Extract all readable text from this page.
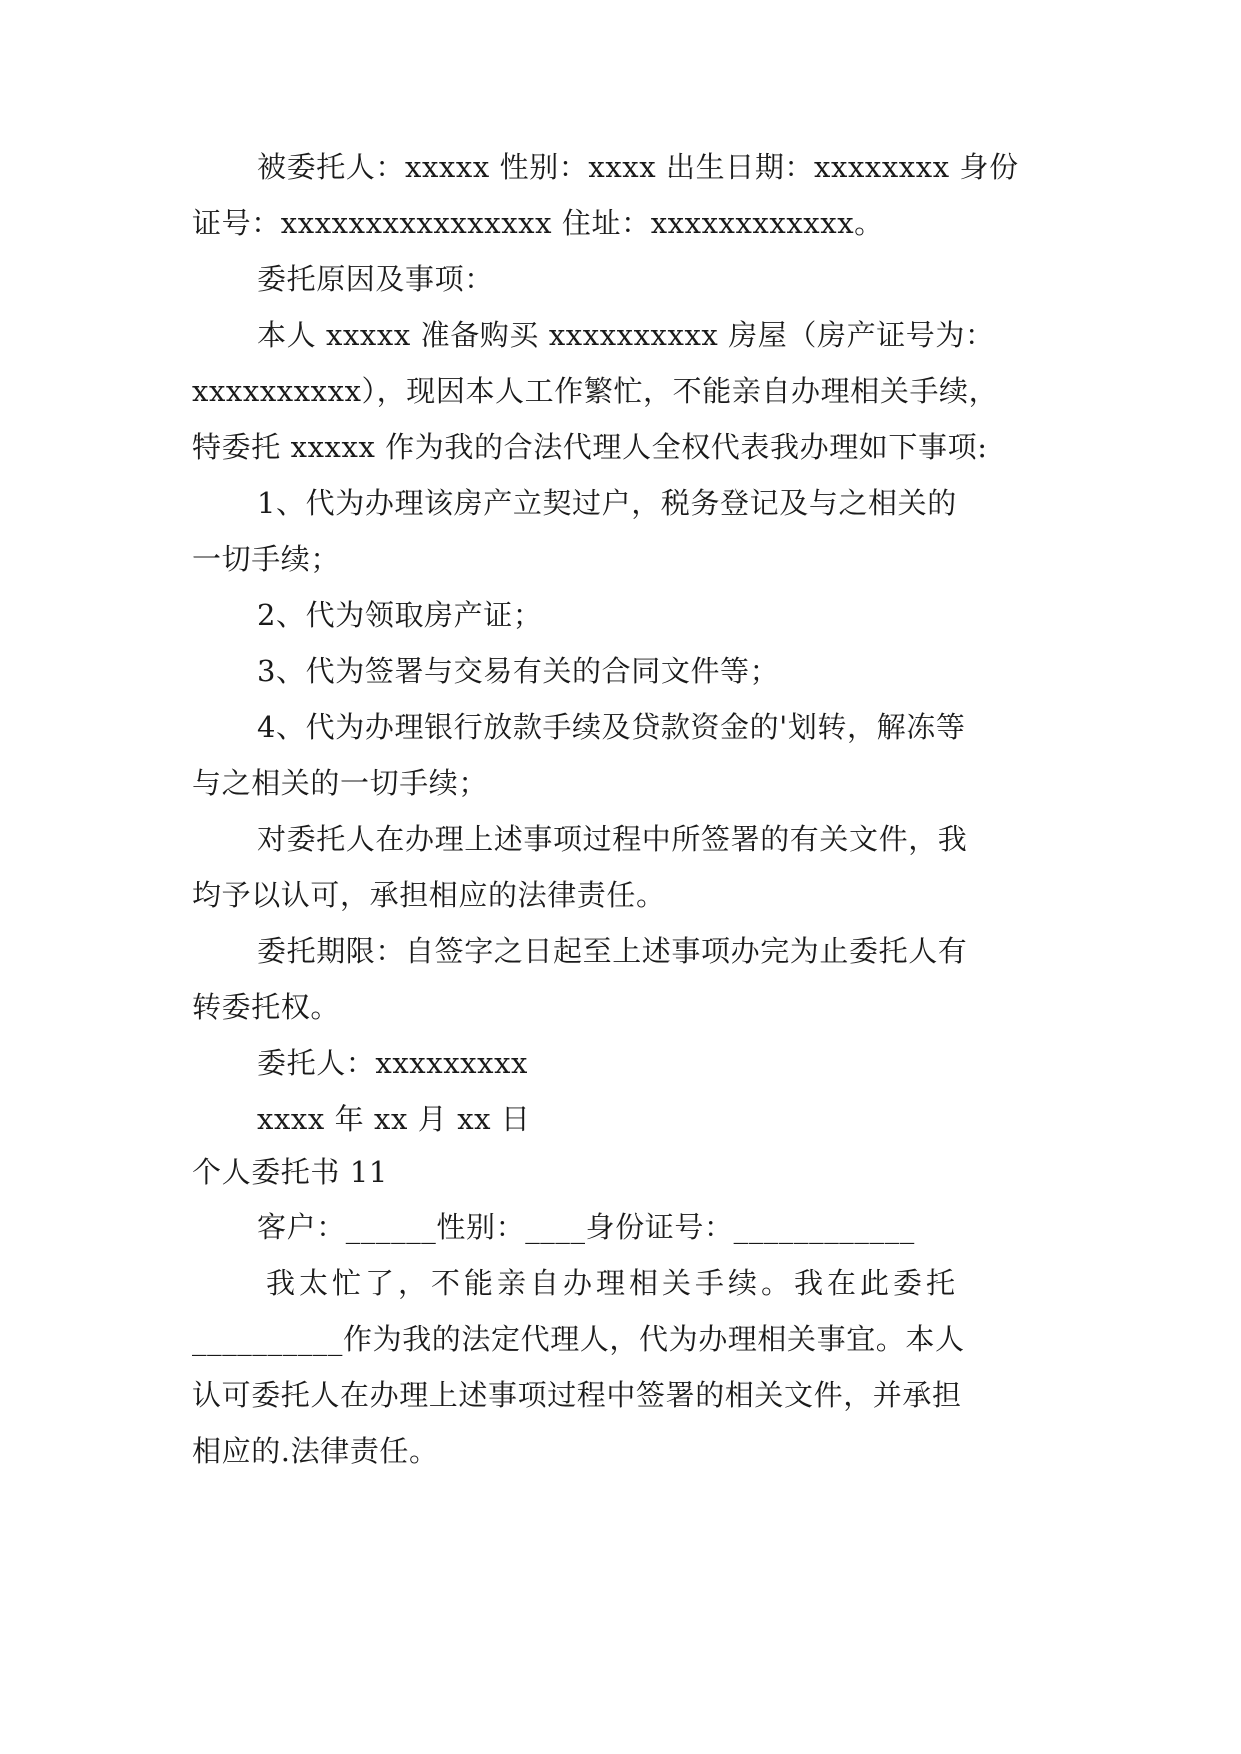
被委托人：xxxxx 性别：xxxx 出生日期：xxxxxxxx 身份
证号：xxxxxxxxxxxxxxxx 住址：xxxxxxxxxxxx。
委托原因及事项：
本人 xxxxx 准备购买 xxxxxxxxxx 房屋（房产证号为：
xxxxxxxxxx），现因本人工作繁忙，不能亲自办理相关手续，
特委托 xxxxx 作为我的合法代理人全权代表我办理如下事项:
1、代为办理该房产立契过户，税务登记及与之相关的
一切手续；
2、代为领取房产证；
3、代为签署与交易有关的合同文件等；
4、代为办理银行放款手续及贷款资金的'划转，解冻等
与之相关的一切手续；
对委托人在办理上述事项过程中所签署的有关文件，我
均予以认可，承担相应的法律责任。
委托期限：自签字之日起至上述事项办完为止委托人有
转委托权。
委托人：xxxxxxxxx
xxxx 年 xx 月 xx 日
个人委托书 11
客户：______性别：____身份证号：____________
我太忙了，不能亲自办理相关手续。我在此委托
__________作为我的法定代理人，代为办理相关事宜。本人
认可委托人在办理上述事项过程中签署的相关文件，并承担
相应的.法律责任。
